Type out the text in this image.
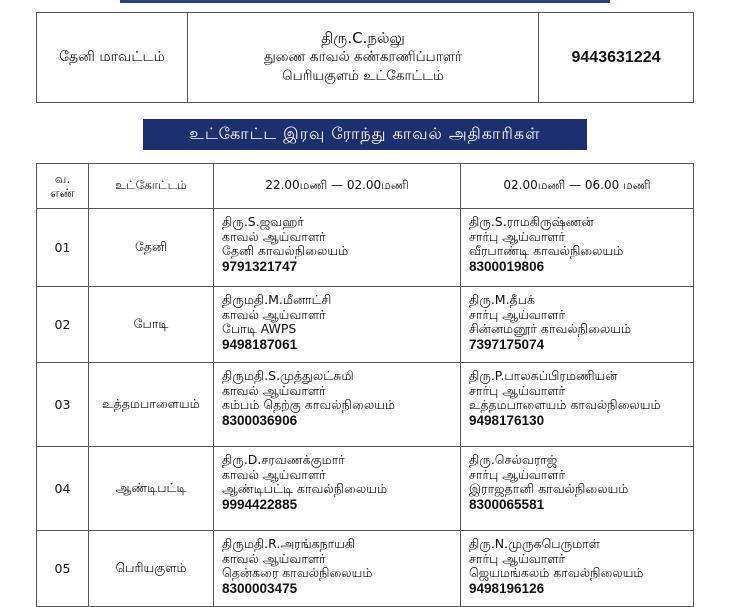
தேனி மாவட்டம்	
திரு.C.நல்லு
துணை காவல் கண்காணிப்பாளர்
பெரியகுளம் உட்கோட்டம்
	9443631224
உட்கோட்ட இரவு ரோந்து காவல் அதிகாரிகள்
வ.
எண்	உட்கோட்டம்	22.00மணி — 02.00மணி	02.00மணி — 06.00 மணி
01	தேனி	திரு.S.ஜவஹர்
காவல் ஆய்வாளர்
தேனி காவல்நிலையம்
9791321747	திரு.S.ராமகிருஷ்ணன்
சார்பு ஆய்வாளர்
வீரபாண்டி காவல்நிலையம்
8300019806

02	போடி	திருமதி.M.மீனாட்சி
காவல் ஆய்வாளர்
போடி AWPS
9498187061	திரு.M.தீபக்
சார்பு ஆய்வாளர்
சின்னமனூர் காவல்நிலையம்
7397175074

03	உத்தமபாளையம்	திருமதி.S.முத்துலட்சுமி
காவல் ஆய்வாளர்
கம்பம் தெற்கு காவல்நிலையம்
8300036906	திரு.P.பாலசுப்பிரமணியன்
சார்பு ஆய்வாளர்
உத்தமபாளையம் காவல்நிலையம்
9498176130

04	ஆண்டிபட்டி	திரு.D.சரவணக்குமார்
காவல் ஆய்வாளர்
ஆண்டிபட்டி காவல்நிலையம்
9994422885	திரு.செல்வராஜ்
சார்பு ஆய்வாளர்
இராஜதானி காவல்நிலையம்
8300065581

05	பெரியகுளம்	திருமதி.R.அரங்கநாயகி
காவல் ஆய்வாளர்
தென்கரை காவல்நிலையம்
8300003475	திரு.N.முருகபெருமாள்
சார்பு ஆய்வாளர்
ஜெயமங்கலம் காவல்நிலையம்
9498196126
